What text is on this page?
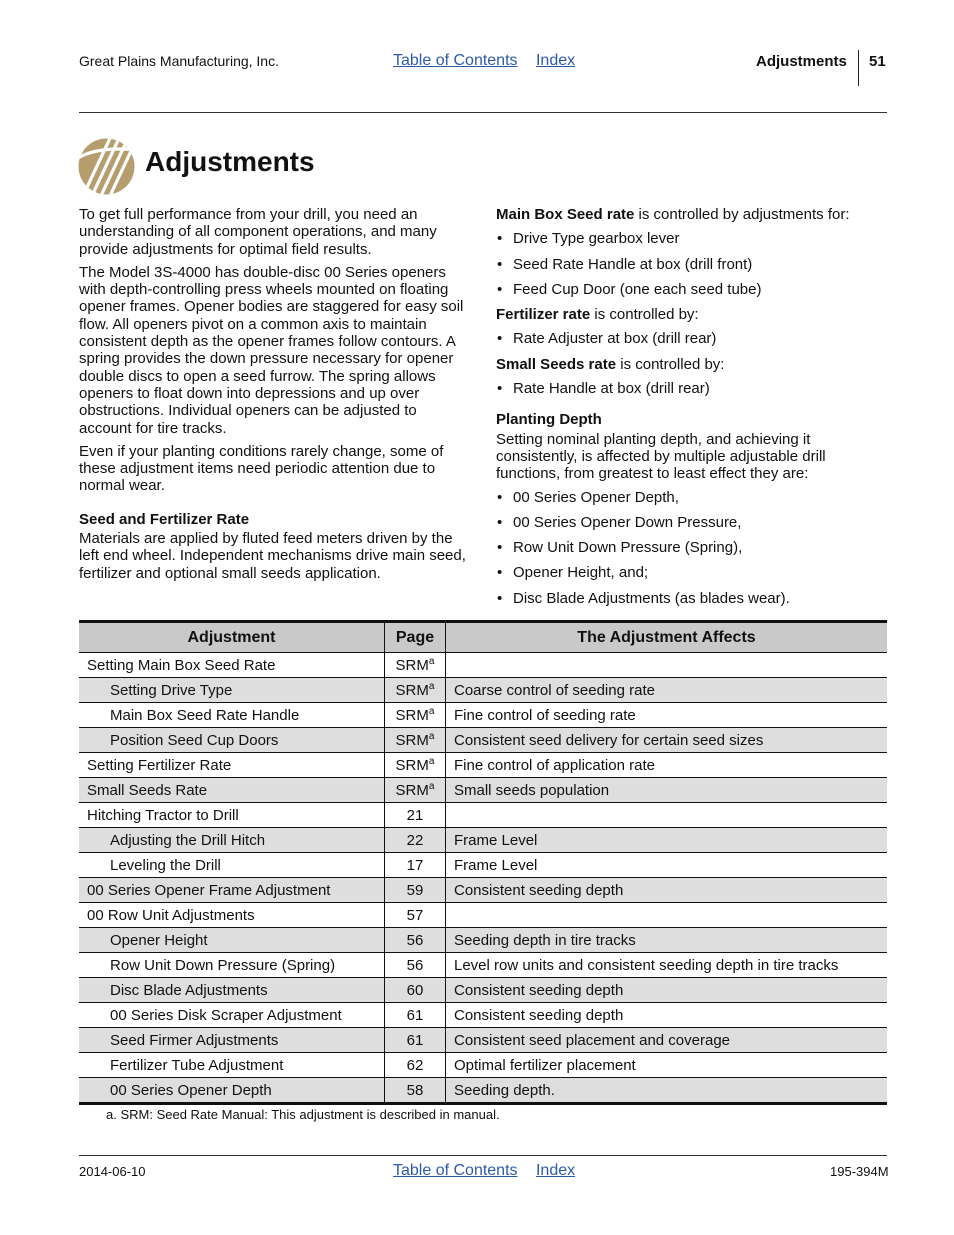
Great Plains Manufacturing, Inc.	Table of Contents Index	Adjustments 51
Adjustments

To get full performance from your drill, you need an understanding of all component operations, and many provide adjustments for optimal field results.

The Model 3S-4000 has double-disc 00 Series openers with depth-controlling press wheels mounted on floating opener frames. Opener bodies are staggered for easy soil flow. All openers pivot on a common axis to maintain consistent depth as the opener frames follow contours. A spring provides the down pressure necessary for opener double discs to open a seed furrow. The spring allows openers to float down into depressions and up over obstructions. Individual openers can be adjusted to account for tire tracks.

Even if your planting conditions rarely change, some of these adjustment items need periodic attention due to normal wear.

Seed and Fertilizer Rate

Materials are applied by fluted feed meters driven by the left end wheel. Independent mechanisms drive main seed, fertilizer and optional small seeds application.

Main Box Seed rate is controlled by adjustments for:

• Drive Type gearbox lever
• Seed Rate Handle at box (drill front)
• Feed Cup Door (one each seed tube)

Fertilizer rate is controlled by:

• Rate Adjuster at box (drill rear)

Small Seeds rate is controlled by:

• Rate Handle at box (drill rear)
Planting Depth

Setting nominal planting depth, and achieving it consistently, is affected by multiple adjustable drill functions, from greatest to least effect they are:

• 00 Series Opener Depth,
• 00 Series Opener Down Pressure,
• Row Unit Down Pressure (Spring),
• Opener Height, and;
• Disc Blade Adjustments (as blades wear).
Adjustment	Page	The Adjustment Affects
Setting Main Box Seed Rate	SRM$^a$	
Setting Drive Type	SRM$^a$	Coarse control of seeding rate
Main Box Seed Rate Handle	SRM$^a$	Fine control of seeding rate
Position Seed Cup Doors	SRM$^a$	Consistent seed delivery for certain seed sizes
Setting Fertilizer Rate	SRM$^a$	Fine control of application rate
Small Seeds Rate	SRM$^a$	Small seeds population
Hitching Tractor to Drill	21	
Adjusting the Drill Hitch	22	Frame Level
Leveling the Drill	17	Frame Level
00 Series Opener Frame Adjustment	59	Consistent seeding depth
00 Row Unit Adjustments	57	
Opener Height	56	Seeding depth in tire tracks
Row Unit Down Pressure (Spring)	56	Level row units and consistent seeding depth in tire tracks
Disc Blade Adjustments	60	Consistent seeding depth
00 Series Disk Scraper Adjustment	61	Consistent seeding depth
Seed Firmer Adjustments	61	Consistent seed placement and coverage
Fertilizer Tube Adjustment	62	Optimal fertilizer placement
00 Series Opener Depth	58	Seeding depth.
a. SRM: Seed Rate Manual: This adjustment is described in manual.
2014-06-10	Table of Contents Index	195-394M
